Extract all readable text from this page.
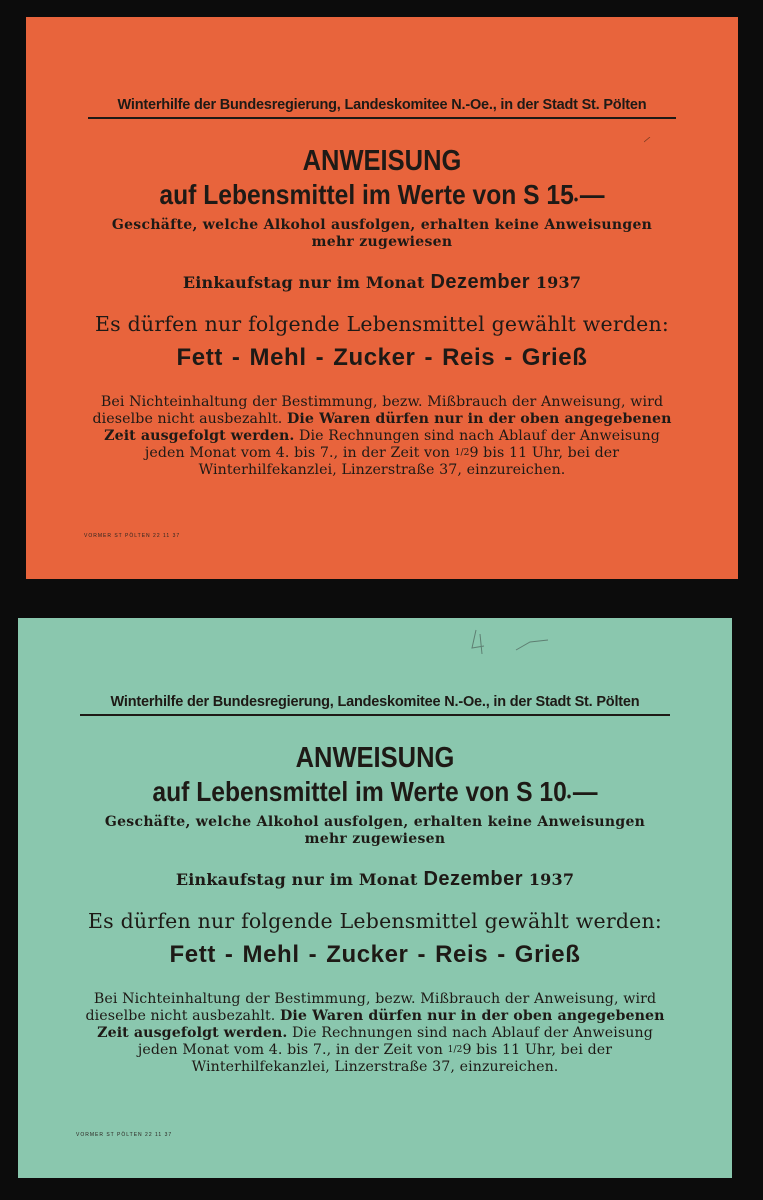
Winterhilfe der Bundesregierung, Landeskomitee N.-Oe., in der Stadt St. Pölten
ANWEISUNG
auf Lebensmittel im Werte von S 15•—
Geschäfte, welche Alkohol ausfolgen, erhalten keine Anweisungen
mehr zugewiesen
Einkaufstag nur im Monat Dezember 1937
Es dürfen nur folgende Lebensmittel gewählt werden:
Fett - Mehl - Zucker - Reis - Grieß
Bei Nichteinhaltung der Bestimmung, bezw. Mißbrauch der Anweisung, wird dieselbe nicht ausbezahlt. Die Waren dürfen nur in der oben angegebenen Zeit ausgefolgt werden. Die Rechnungen sind nach Ablauf der Anweisung jeden Monat vom 4. bis 7., in der Zeit von $^{1/2}$9 bis 11 Uhr, bei der Winterhilfekanzlei, Linzerstraße 37, einzureichen.
VORMER ST PÖLTEN 22 11 37
Winterhilfe der Bundesregierung, Landeskomitee N.-Oe., in der Stadt St. Pölten
ANWEISUNG
auf Lebensmittel im Werte von S 10•—
Geschäfte, welche Alkohol ausfolgen, erhalten keine Anweisungen
mehr zugewiesen
Einkaufstag nur im Monat Dezember 1937
Es dürfen nur folgende Lebensmittel gewählt werden:
Fett - Mehl - Zucker - Reis - Grieß
Bei Nichteinhaltung der Bestimmung, bezw. Mißbrauch der Anweisung, wird dieselbe nicht ausbezahlt. Die Waren dürfen nur in der oben angegebenen Zeit ausgefolgt werden. Die Rechnungen sind nach Ablauf der Anweisung jeden Monat vom 4. bis 7., in der Zeit von $^{1/2}$9 bis 11 Uhr, bei der Winterhilfekanzlei, Linzerstraße 37, einzureichen.
VORMER ST PÖLTEN 22 11 37
